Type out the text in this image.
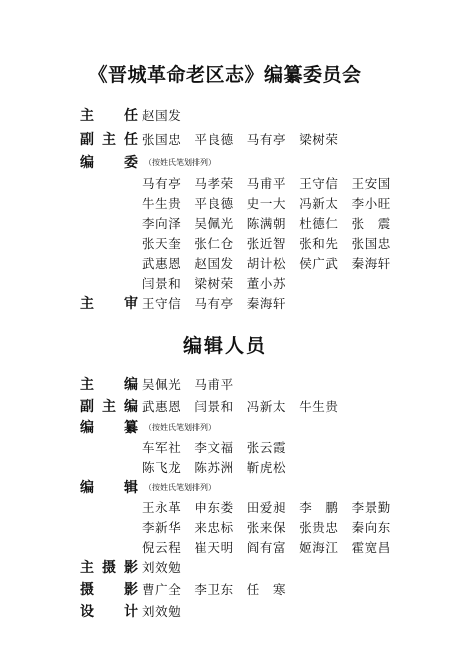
《晋城革命老区志》编纂委员会
主 任 赵国发
副 主 任 张国忠　平良德　马有亭　梁树荣
编 委 （按姓氏笔划排列）
马有亭　马孝荣　马甫平　王守信　王安国
牛生贵　平良德　史一大　冯新太　李小旺
李向泽　吴佩光　陈满朝　杜德仁　张　震
张天奎　张仁仓　张近智　张和先　张国忠
武惠恩　赵国发　胡计松　侯广武　秦海轩
闫景和　梁树荣　董小苏
主 审 王守信　马有亭　秦海轩
编辑人员
主 编 吴佩光　马甫平
副 主 编 武惠恩　闫景和　冯新太　牛生贵
编 纂 （按姓氏笔划排列）
车军社　李文福　张云霞
陈飞龙　陈苏洲　靳虎松
编 辑 （按姓氏笔划排列）
王永革　申东娄　田爱昶　李　鹏　李景勤
李新华　来忠标　张来保　张贵忠　秦向东
倪云程　崔天明　阎有富　姬海江　霍宽昌
主 摄 影 刘效勉
摄 影 曹广全　李卫东　任　寒
设 计 刘效勉
